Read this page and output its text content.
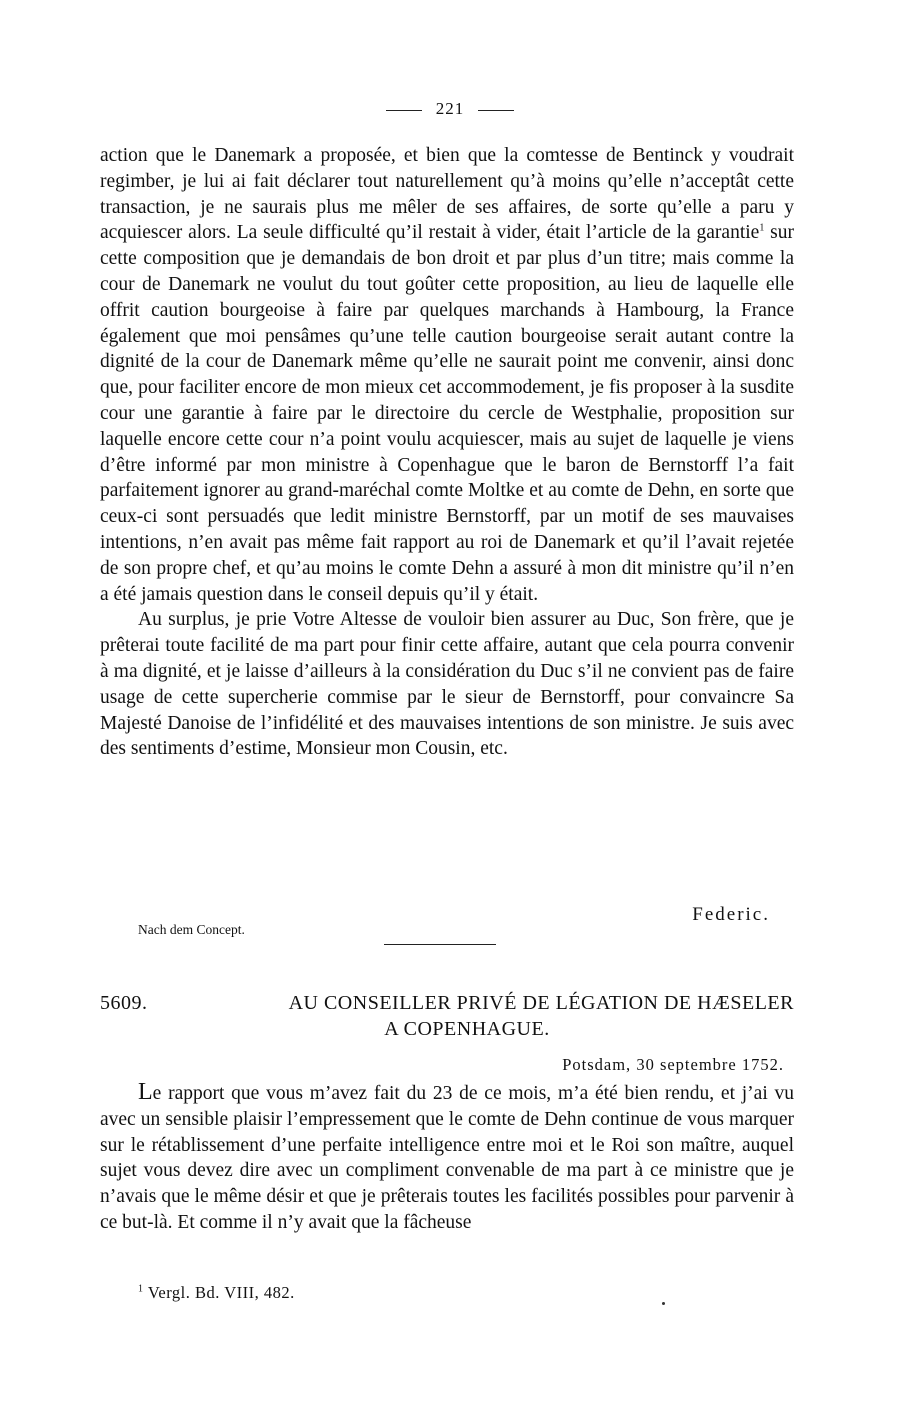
221

action que le Danemark a proposée, et bien que la comtesse de Bentinck y voudrait regimber, je lui ai fait déclarer tout naturellement qu’à moins qu’elle n’acceptât cette transaction, je ne saurais plus me mêler de ses affaires, de sorte qu’elle a paru y acquiescer alors. La seule difficulté qu’il restait à vider, était l’article de la garantie$^1$ sur cette composition que je demandais de bon droit et par plus d’un titre; mais comme la cour de Danemark ne voulut du tout goûter cette proposition, au lieu de laquelle elle offrit caution bourgeoise à faire par quelques marchands à Hambourg, la France également que moi pensâmes qu’une telle caution bourgeoise serait autant contre la dignité de la cour de Danemark même qu’elle ne saurait point me convenir, ainsi donc que, pour faciliter encore de mon mieux cet accommodement, je fis proposer à la susdite cour une garantie à faire par le directoire du cercle de Westphalie, proposition sur laquelle encore cette cour n’a point voulu acquiescer, mais au sujet de laquelle je viens d’être informé par mon ministre à Copenhague que le baron de Bernstorff l’a fait parfaitement ignorer au grand-maréchal comte Moltke et au comte de Dehn, en sorte que ceux-ci sont persuadés que ledit ministre Bernstorff, par un motif de ses mauvaises intentions, n’en avait pas même fait rapport au roi de Danemark et qu’il l’avait rejetée de son propre chef, et qu’au moins le comte Dehn a assuré à mon dit ministre qu’il n’en a été jamais question dans le conseil depuis qu’il y était.

Au surplus, je prie Votre Altesse de vouloir bien assurer au Duc, Son frère, que je prêterai toute facilité de ma part pour finir cette affaire, autant que cela pourra convenir à ma dignité, et je laisse d’ailleurs à la considération du Duc s’il ne convient pas de faire usage de cette supercherie commise par le sieur de Bernstorff, pour convaincre Sa Majesté Danoise de l’infidélité et des mauvaises intentions de son ministre. Je suis avec des sentiments d’estime, Monsieur mon Cousin, etc.

Federic.
Nach dem Concept.
5609.	AU CONSEILLER PRIVÉ DE LÉGATION DE HÆSELER
A COPENHAGUE.
Potsdam, 30 septembre 1752.

Le rapport que vous m’avez fait du 23 de ce mois, m’a été bien rendu, et j’ai vu avec un sensible plaisir l’empressement que le comte de Dehn continue de vous marquer sur le rétablissement d’une perfaite intelligence entre moi et le Roi son maître, auquel sujet vous devez dire avec un compliment convenable de ma part à ce ministre que je n’avais que le même désir et que je prêterais toutes les facilités possibles pour parvenir à ce but-là. Et comme il n’y avait que la fâcheuse

$^1$ Vergl. Bd. VIII, 482.
